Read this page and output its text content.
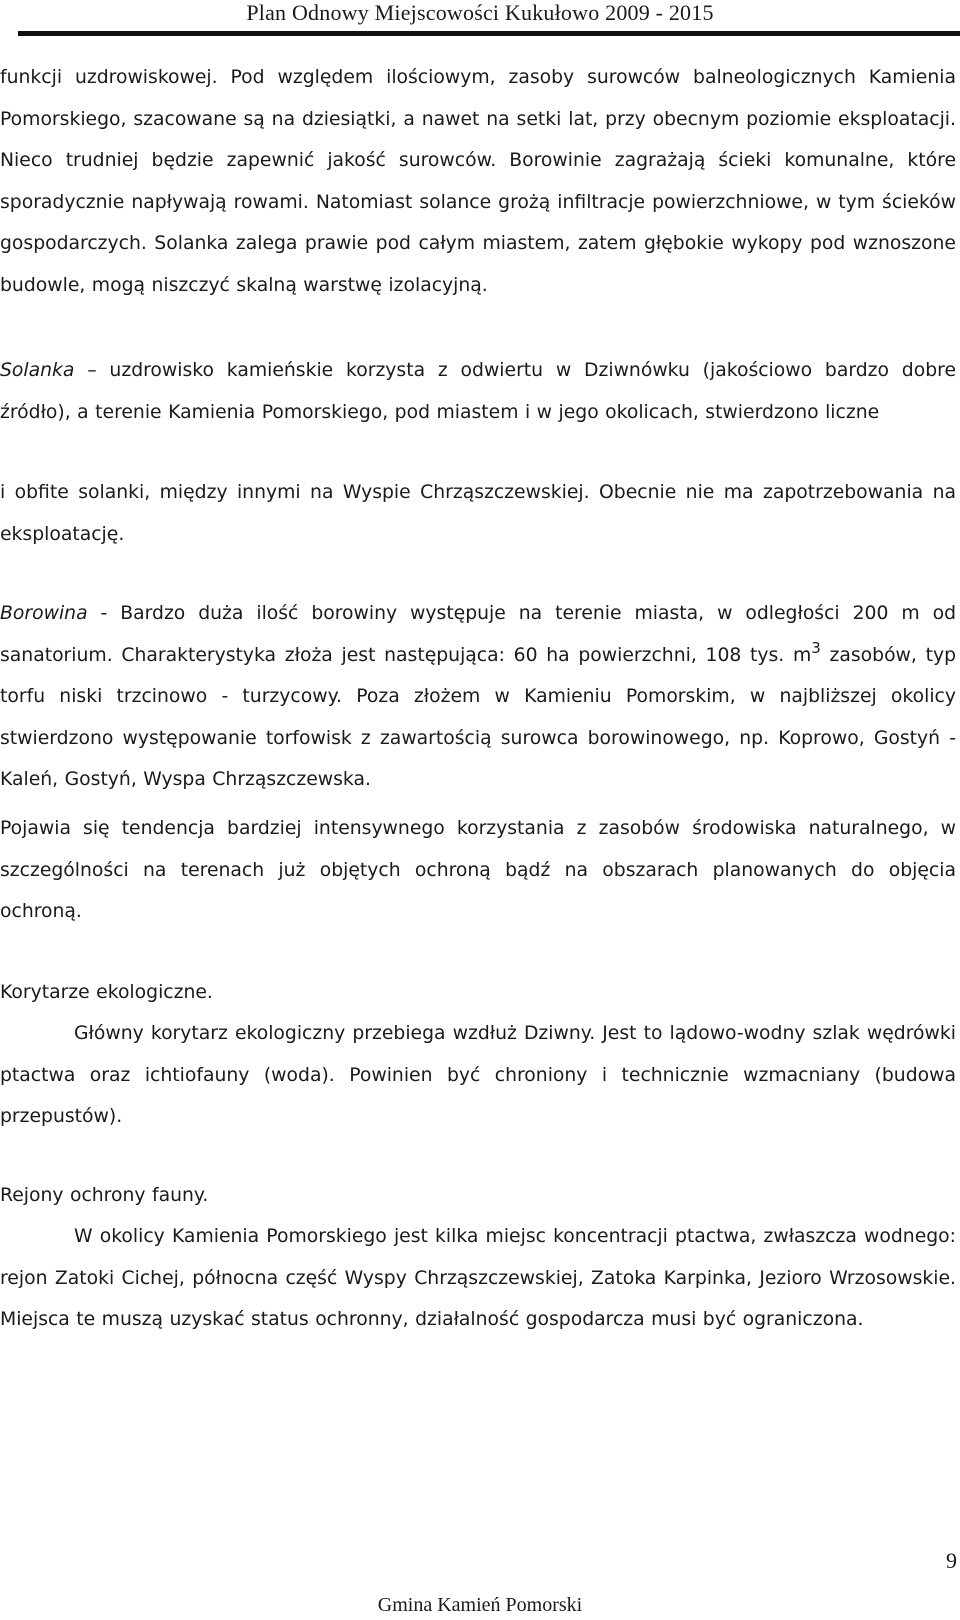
Plan Odnowy Miejscowości Kukułowo 2009 - 2015

funkcji uzdrowiskowej. Pod względem ilościowym, zasoby surowców balneologicznych Kamienia Pomorskiego, szacowane są na dziesiątki, a nawet na setki lat, przy obecnym poziomie eksploatacji. Nieco trudniej będzie zapewnić jakość surowców. Borowinie zagrażają ścieki komunalne, które sporadycznie napływają rowami. Natomiast solance grożą infiltracje powierzchniowe, w tym ścieków gospodarczych. Solanka zalega prawie pod całym miastem, zatem głębokie wykopy pod wznoszone budowle, mogą niszczyć skalną warstwę izolacyjną.

Solanka – uzdrowisko kamieńskie korzysta z odwiertu w Dziwnówku (jakościowo bardzo dobre źródło), a terenie Kamienia Pomorskiego, pod miastem i w jego okolicach, stwierdzono liczne

i obfite solanki, między innymi na Wyspie Chrząszczewskiej. Obecnie nie ma zapotrzebowania na eksploatację.

Borowina - Bardzo duża ilość borowiny występuje na terenie miasta, w odległości 200 m od sanatorium. Charakterystyka złoża jest następująca: 60 ha powierzchni, 108 tys. $m^3$ zasobów, typ torfu niski trzcinowo - turzycowy. Poza złożem w Kamieniu Pomorskim, w najbliższej okolicy stwierdzono występowanie torfowisk z zawartością surowca borowinowego, np. Koprowo, Gostyń - Kaleń, Gostyń, Wyspa Chrząszczewska.

Pojawia się tendencja bardziej intensywnego korzystania z zasobów środowiska naturalnego, w szczególności na terenach już objętych ochroną bądź na obszarach planowanych do objęcia ochroną.

Korytarze ekologiczne.

Główny korytarz ekologiczny przebiega wzdłuż Dziwny. Jest to lądowo-wodny szlak wędrówki ptactwa oraz ichtiofauny (woda). Powinien być chroniony i technicznie wzmacniany (budowa przepustów).

Rejony ochrony fauny.

W okolicy Kamienia Pomorskiego jest kilka miejsc koncentracji ptactwa, zwłaszcza wodnego: rejon Zatoki Cichej, północna część Wyspy Chrząszczewskiej, Zatoka Karpinka, Jezioro Wrzosowskie. Miejsca te muszą uzyskać status ochronny, działalność gospodarcza musi być ograniczona.

9
Gmina Kamień Pomorski
